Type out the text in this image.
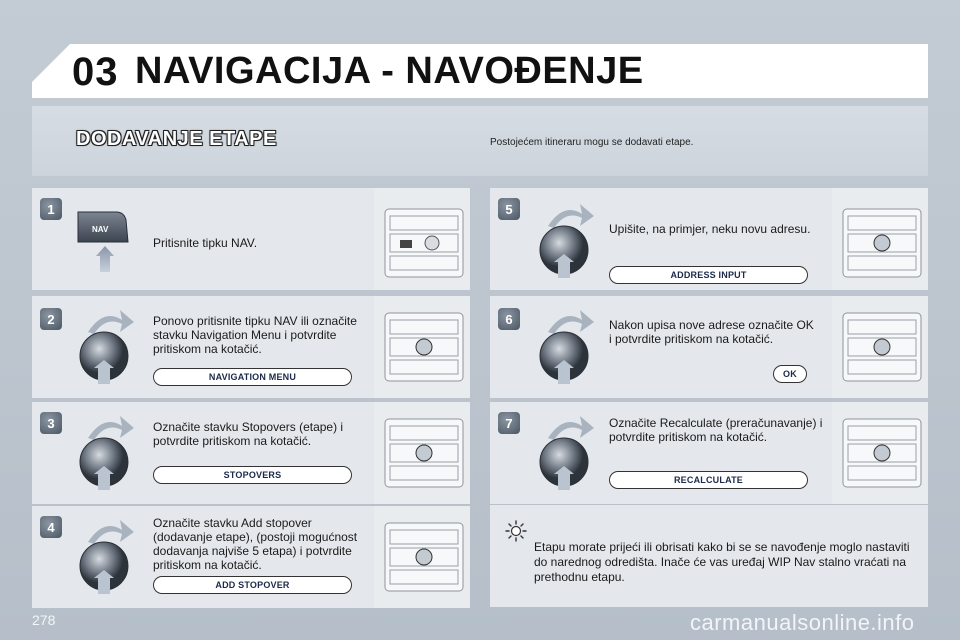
03 NAVIGACIJA - NAVOĐENJE
DODAVANJE ETAPE	Postojećem itineraru mogu se dodavati etape.
1
NAV
Pritisnite tipku NAV.
2	Ponovo pritisnite tipku NAV ili označite stavku Navigation Menu i potvrdite pritiskom na kotačić.
NAVIGATION MENU
3	Označite stavku Stopovers (etape) i potvrdite pritiskom na kotačić.
STOPOVERS
4	Označite stavku Add stopover (dodavanje etape), (postoji mogućnost dodavanja najviše 5 etapa) i potvrdite pritiskom na kotačić.
ADD STOPOVER
5
Upišite, na primjer, neku novu adresu.
ADDRESS INPUT
6	Nakon upisa nove adrese označite OK i potvrdite pritiskom na kotačić.
OK
7	Označite Recalculate (preračunavanje) i potvrdite pritiskom na kotačić.
RECALCULATE
Etapu morate prijeći ili obrisati kako bi se se navođenje moglo nastaviti do narednog odredišta. Inače će vas uređaj WIP Nav stalno vraćati na prethodnu etapu.
278	carmanualsonline.info
